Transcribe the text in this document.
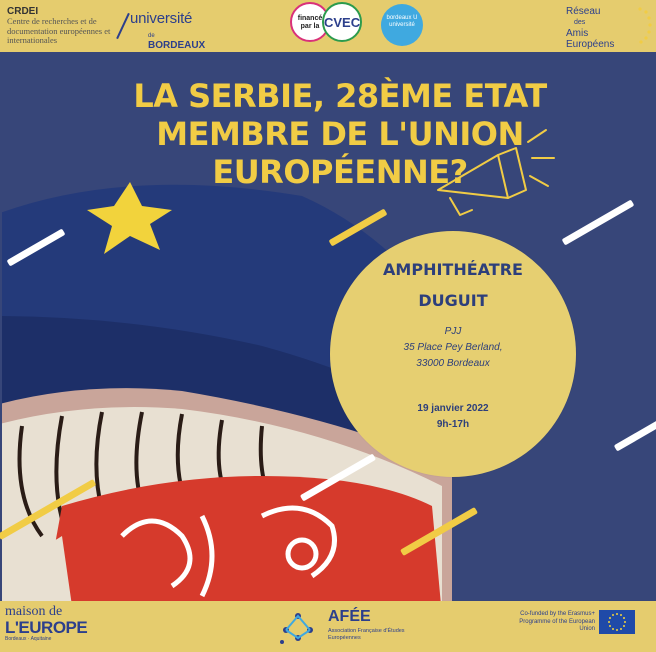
CRDEI
Centre de recherches et de documentation européennes et internationales
université
de BORDEAUX
financé par la CVEC	bordeaux U université
Réseau
des
Amis
Européens
LA SERBIE, 28ÈME ETAT MEMBRE DE L'UNION EUROPÉENNE?
AMPHITHÉATRE
DUGUIT
PJJ
35 Place Pey Berland,
33000 Bordeaux
19 janvier 2022
9h-17h
maison de
L'EUROPE
Bordeaux · Aquitaine
AFÉE
Association Française d'Études Européennes
Co-funded by the Erasmus+ Programme of the European Union
